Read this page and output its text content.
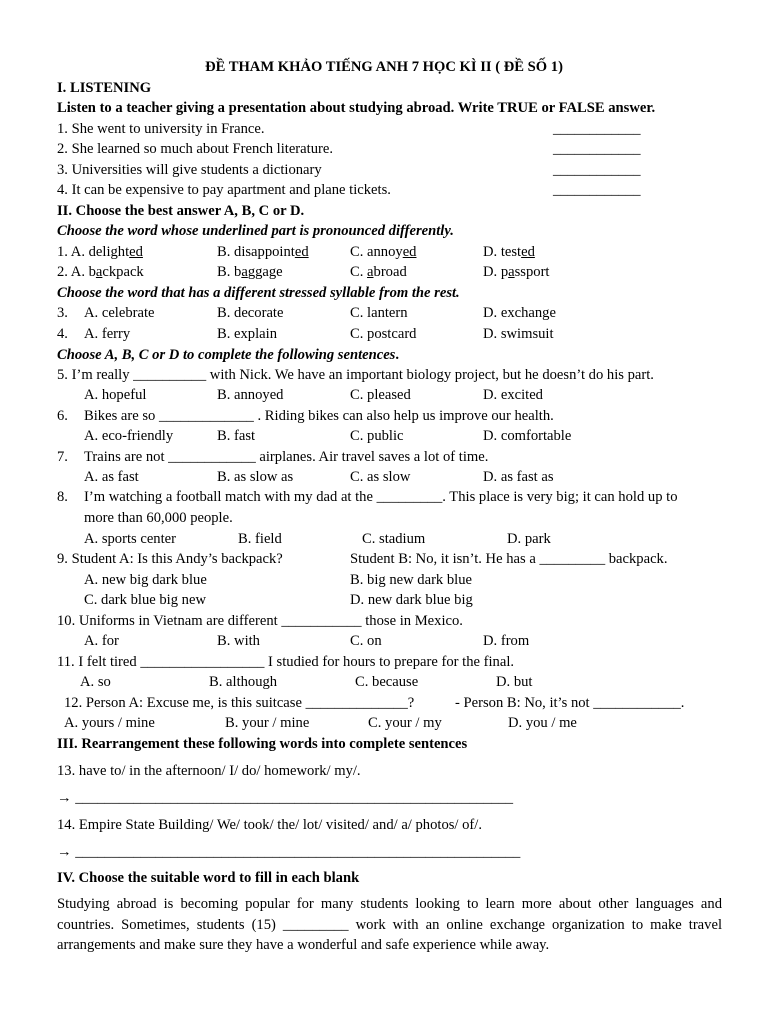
ĐỀ THAM KHẢO TIẾNG ANH 7 HỌC KÌ II ( ĐỀ SỐ 1)
I. LISTENING
Listen to a teacher giving a presentation about studying abroad. Write TRUE or FALSE answer.
1. She went to university in France.	____________
2. She learned so much about French literature.	____________
3. Universities will give students a dictionary	____________
4. It can be expensive to pay apartment and plane tickets.	____________
II. Choose the best answer A, B, C or D.
Choose the word whose underlined part is pronounced differently.
1. A. delighted	B. disappointed	C. annoyed	D. tested
2. A. backpack	B. baggage	C. abroad	D. passport
Choose the word that has a different stressed syllable from the rest.
3. A. celebrate	B. decorate	C. lantern	D. exchange
4. A. ferry	B. explain	C. postcard	D. swimsuit
Choose A, B, C or D to complete the following sentences.
5. I’m really __________ with Nick. We have an important biology project, but he doesn’t do his part.
A. hopeful	B. annoyed	C. pleased	D. excited
6. Bikes are so _____________ . Riding bikes can also help us improve our health.
A. eco-friendly	B. fast	C. public	D. comfortable
7. Trains are not ____________ airplanes. Air travel saves a lot of time.
A. as fast	B. as slow as	C. as slow	D. as fast as
8. I’m watching a football match with my dad at the _________. This place is very big; it can hold up to
more than 60,000 people.
A. sports center	B. field	C. stadium	D. park
9. Student A: Is this Andy’s backpack?	Student B: No, it isn’t. He has a _________ backpack.
A. new big dark blue	B. big new dark blue
C. dark blue big new	D. new dark blue big
10. Uniforms in Vietnam are different ___________ those in Mexico.
A. for	B. with	C. on	D. from
11. I felt tired _________________ I studied for hours to prepare for the final.
A. so	B. although	C. because	D. but
12. Person A: Excuse me, is this suitcase ______________?	- Person B: No, it’s not ____________.
A. yours / mine	B. your / mine	C. your / my	D. you / me
III. Rearrangement these following words into complete sentences
13. have to/ in the afternoon/ I/ do/ homework/ my/.
→ ____________________________________________________________
14. Empire State Building/ We/ took/ the/ lot/ visited/ and/ a/ photos/ of/.
→ _____________________________________________________________
IV. Choose the suitable word to fill in each blank
Studying abroad is becoming popular for many students looking to learn more about other languages and countries. Sometimes, students (15) _________ work with an online exchange organization to make travel arrangements and make sure they have a wonderful and safe experience while away.
